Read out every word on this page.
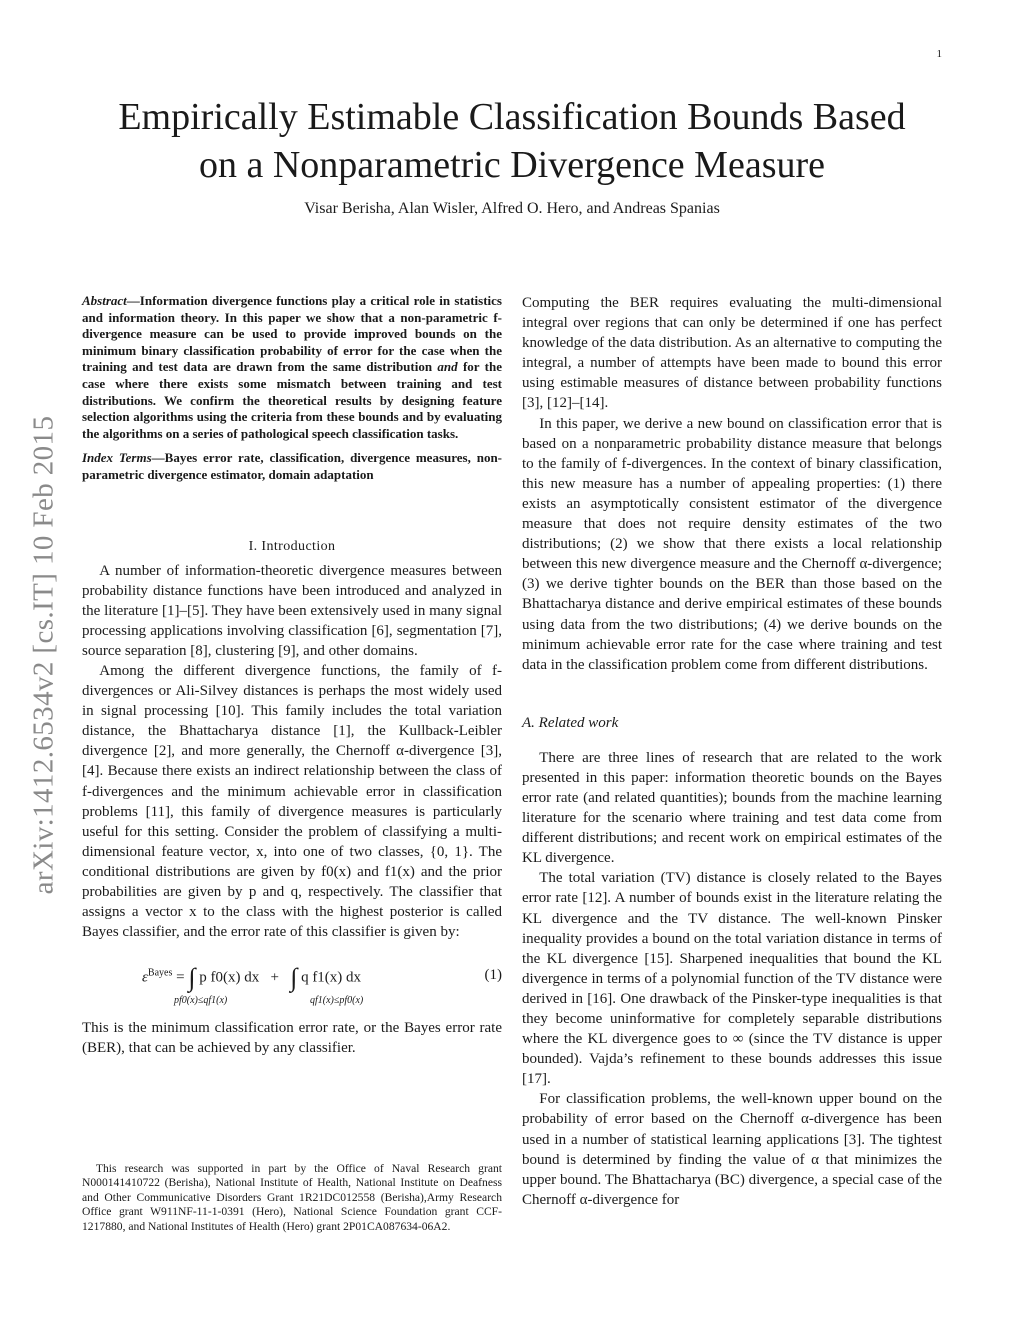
1
Empirically Estimable Classification Bounds Based
on a Nonparametric Divergence Measure
Visar Berisha, Alan Wisler, Alfred O. Hero, and Andreas Spanias
arXiv:1412.6534v2 [cs.IT] 10 Feb 2015

Abstract—Information divergence functions play a critical role in statistics and information theory. In this paper we show that a non-parametric f-divergence measure can be used to provide improved bounds on the minimum binary classification probability of error for the case when the training and test data are drawn from the same distribution and for the case where there exists some mismatch between training and test distributions. We confirm the theoretical results by designing feature selection algorithms using the criteria from these bounds and by evaluating the algorithms on a series of pathological speech classification tasks.

Index Terms—Bayes error rate, classification, divergence measures, non-parametric divergence estimator, domain adaptation

I. Introduction

A number of information-theoretic divergence measures between probability distance functions have been introduced and analyzed in the literature [1]–[5]. They have been extensively used in many signal processing applications involving classification [6], segmentation [7], source separation [8], clustering [9], and other domains.

Among the different divergence functions, the family of f-divergences or Ali-Silvey distances is perhaps the most widely used in signal processing [10]. This family includes the total variation distance, the Bhattacharya distance [1], the Kullback-Leibler divergence [2], and more generally, the Chernoff α-divergence [3], [4]. Because there exists an indirect relationship between the class of f-divergences and the minimum achievable error in classification problems [11], this family of divergence measures is particularly useful for this setting. Consider the problem of classifying a multi-dimensional feature vector, x, into one of two classes, {0, 1}. The conditional distributions are given by f0(x) and f1(x) and the prior probabilities are given by p and q, respectively. The classifier that assigns a vector x to the class with the highest posterior is called Bayes classifier, and the error rate of this classifier is given by:

$\varepsilon^{Bayes}$ = ∫ p f0(x) dx + ∫ q f1(x) dx
pf0(x)≤qf1(x)	qf1(x)≤pf0(x)
(1)

This is the minimum classification error rate, or the Bayes error rate (BER), that can be achieved by any classifier.

This research was supported in part by the Office of Naval Research grant N000141410722 (Berisha), National Institute of Health, National Institute on Deafness and Other Communicative Disorders Grant 1R21DC012558 (Berisha),Army Research Office grant W911NF-11-1-0391 (Hero), National Science Foundation grant CCF-1217880, and National Institutes of Health (Hero) grant 2P01CA087634-06A2.

Computing the BER requires evaluating the multi-dimensional integral over regions that can only be determined if one has perfect knowledge of the data distribution. As an alternative to computing the integral, a number of attempts have been made to bound this error using estimable measures of distance between probability functions [3], [12]–[14].

In this paper, we derive a new bound on classification error that is based on a nonparametric probability distance measure that belongs to the family of f-divergences. In the context of binary classification, this new measure has a number of appealing properties: (1) there exists an asymptotically consistent estimator of the divergence measure that does not require density estimates of the two distributions; (2) we show that there exists a local relationship between this new divergence measure and the Chernoff α-divergence; (3) we derive tighter bounds on the BER than those based on the Bhattacharya distance and derive empirical estimates of these bounds using data from the two distributions; (4) we derive bounds on the minimum achievable error rate for the case where training and test data in the classification problem come from different distributions.

A. Related work

There are three lines of research that are related to the work presented in this paper: information theoretic bounds on the Bayes error rate (and related quantities); bounds from the machine learning literature for the scenario where training and test data come from different distributions; and recent work on empirical estimates of the KL divergence.

The total variation (TV) distance is closely related to the Bayes error rate [12]. A number of bounds exist in the literature relating the KL divergence and the TV distance. The well-known Pinsker inequality provides a bound on the total variation distance in terms of the KL divergence [15]. Sharpened inequalities that bound the KL divergence in terms of a polynomial function of the TV distance were derived in [16]. One drawback of the Pinsker-type inequalities is that they become uninformative for completely separable distributions where the KL divergence goes to ∞ (since the TV distance is upper bounded). Vajda’s refinement to these bounds addresses this issue [17].

For classification problems, the well-known upper bound on the probability of error based on the Chernoff α-divergence has been used in a number of statistical learning applications [3]. The tightest bound is determined by finding the value of α that minimizes the upper bound. The Bhattacharya (BC) divergence, a special case of the Chernoff α-divergence for
